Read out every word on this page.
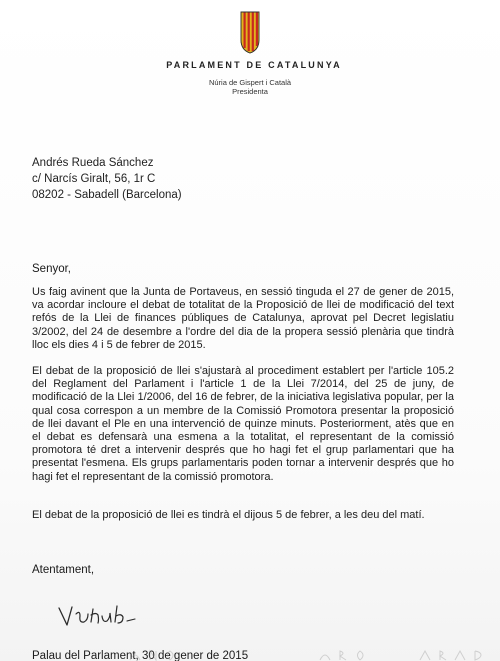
PARLAMENT DE CATALUNYA
Núria de Gispert i Català
Presidenta
Andrés Rueda Sánchez
c/ Narcís Giralt, 56, 1r C
08202 - Sabadell (Barcelona)
Senyor,
Us faig avinent que la Junta de Portaveus, en sessió tinguda el 27 de gener de 2015, va acordar incloure el debat de totalitat de la Proposició de llei de modificació del text refós de la Llei de finances públiques de Catalunya, aprovat pel Decret legislatiu 3/2002, del 24 de desembre a l'ordre del dia de la propera sessió plenària que tindrà lloc els dies 4 i 5 de febrer de 2015.
El debat de la proposició de llei s'ajustarà al procediment establert per l'article 105.2 del Reglament del Parlament i l'article 1 de la Llei 7/2014, del 25 de juny, de modificació de la Llei 1/2006, del 16 de febrer, de la iniciativa legislativa popular, per la qual cosa correspon a un membre de la Comissió Promotora presentar la proposició de llei davant el Ple en una intervenció de quinze minuts. Posteriorment, atès que en el debat es defensarà una esmena a la totalitat, el representant de la comissió promotora té dret a intervenir després que ho hagi fet el grup parlamentari que ha presentat l'esmena. Els grups parlamentaris poden tornar a intervenir després que ho hagi fet el representant de la comissió promotora.
El debat de la proposició de llei es tindrà el dijous 5 de febrer, a les deu del matí.
Atentament,
Palau del Parlament, 30 de gener de 2015
